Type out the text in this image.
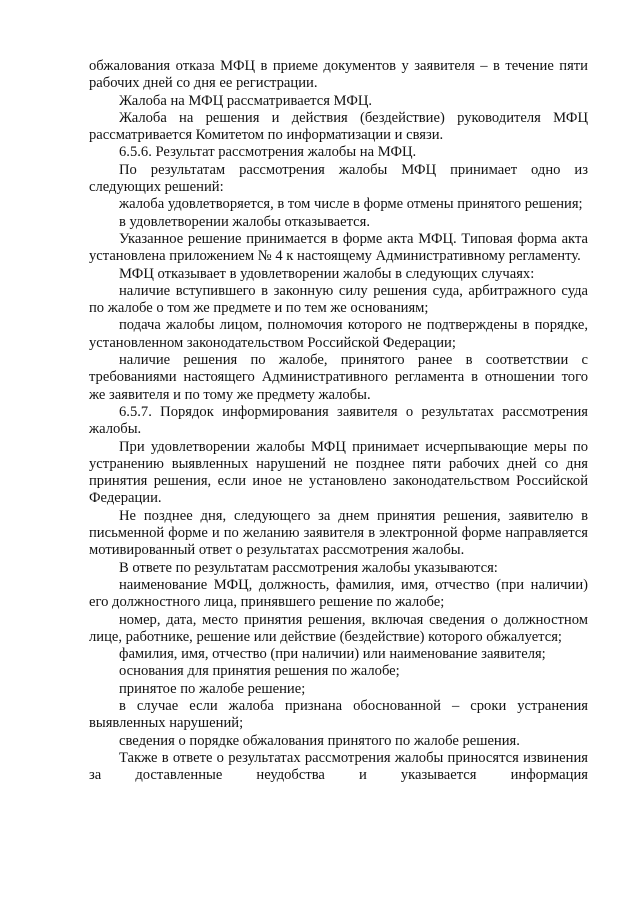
обжалования отказа МФЦ в приеме документов у заявителя – в течение пяти рабочих дней со дня ее регистрации.

Жалоба на МФЦ рассматривается МФЦ.

Жалоба на решения и действия (бездействие) руководителя МФЦ рассматривается Комитетом по информатизации и связи.

6.5.6. Результат рассмотрения жалобы на МФЦ.

По результатам рассмотрения жалобы МФЦ принимает одно из следующих решений:

жалоба удовлетворяется, в том числе в форме отмены принятого решения;

в удовлетворении жалобы отказывается.

Указанное решение принимается в форме акта МФЦ. Типовая форма акта установлена приложением № 4 к настоящему Административному регламенту.

МФЦ отказывает в удовлетворении жалобы в следующих случаях:

наличие вступившего в законную силу решения суда, арбитражного суда по жалобе о том же предмете и по тем же основаниям;

подача жалобы лицом, полномочия которого не подтверждены в порядке, установленном законодательством Российской Федерации;

наличие решения по жалобе, принятого ранее в соответствии с требованиями настоящего Административного регламента в отношении того же заявителя и по тому же предмету жалобы.

6.5.7. Порядок информирования заявителя о результатах рассмотрения жалобы.

При удовлетворении жалобы МФЦ принимает исчерпывающие меры по устранению выявленных нарушений не позднее пяти рабочих дней со дня принятия решения, если иное не установлено законодательством Российской Федерации.

Не позднее дня, следующего за днем принятия решения, заявителю в письменной форме и по желанию заявителя в электронной форме направляется мотивированный ответ о результатах рассмотрения жалобы.

В ответе по результатам рассмотрения жалобы указываются:

наименование МФЦ, должность, фамилия, имя, отчество (при наличии) его должностного лица, принявшего решение по жалобе;

номер, дата, место принятия решения, включая сведения о должностном лице, работнике, решение или действие (бездействие) которого обжалуется;

фамилия, имя, отчество (при наличии) или наименование заявителя;

основания для принятия решения по жалобе;

принятое по жалобе решение;

в случае если жалоба признана обоснованной – сроки устранения выявленных нарушений;

сведения о порядке обжалования принятого по жалобе решения.

Также в ответе о результатах рассмотрения жалобы приносятся извинения за доставленные неудобства и указывается информация
